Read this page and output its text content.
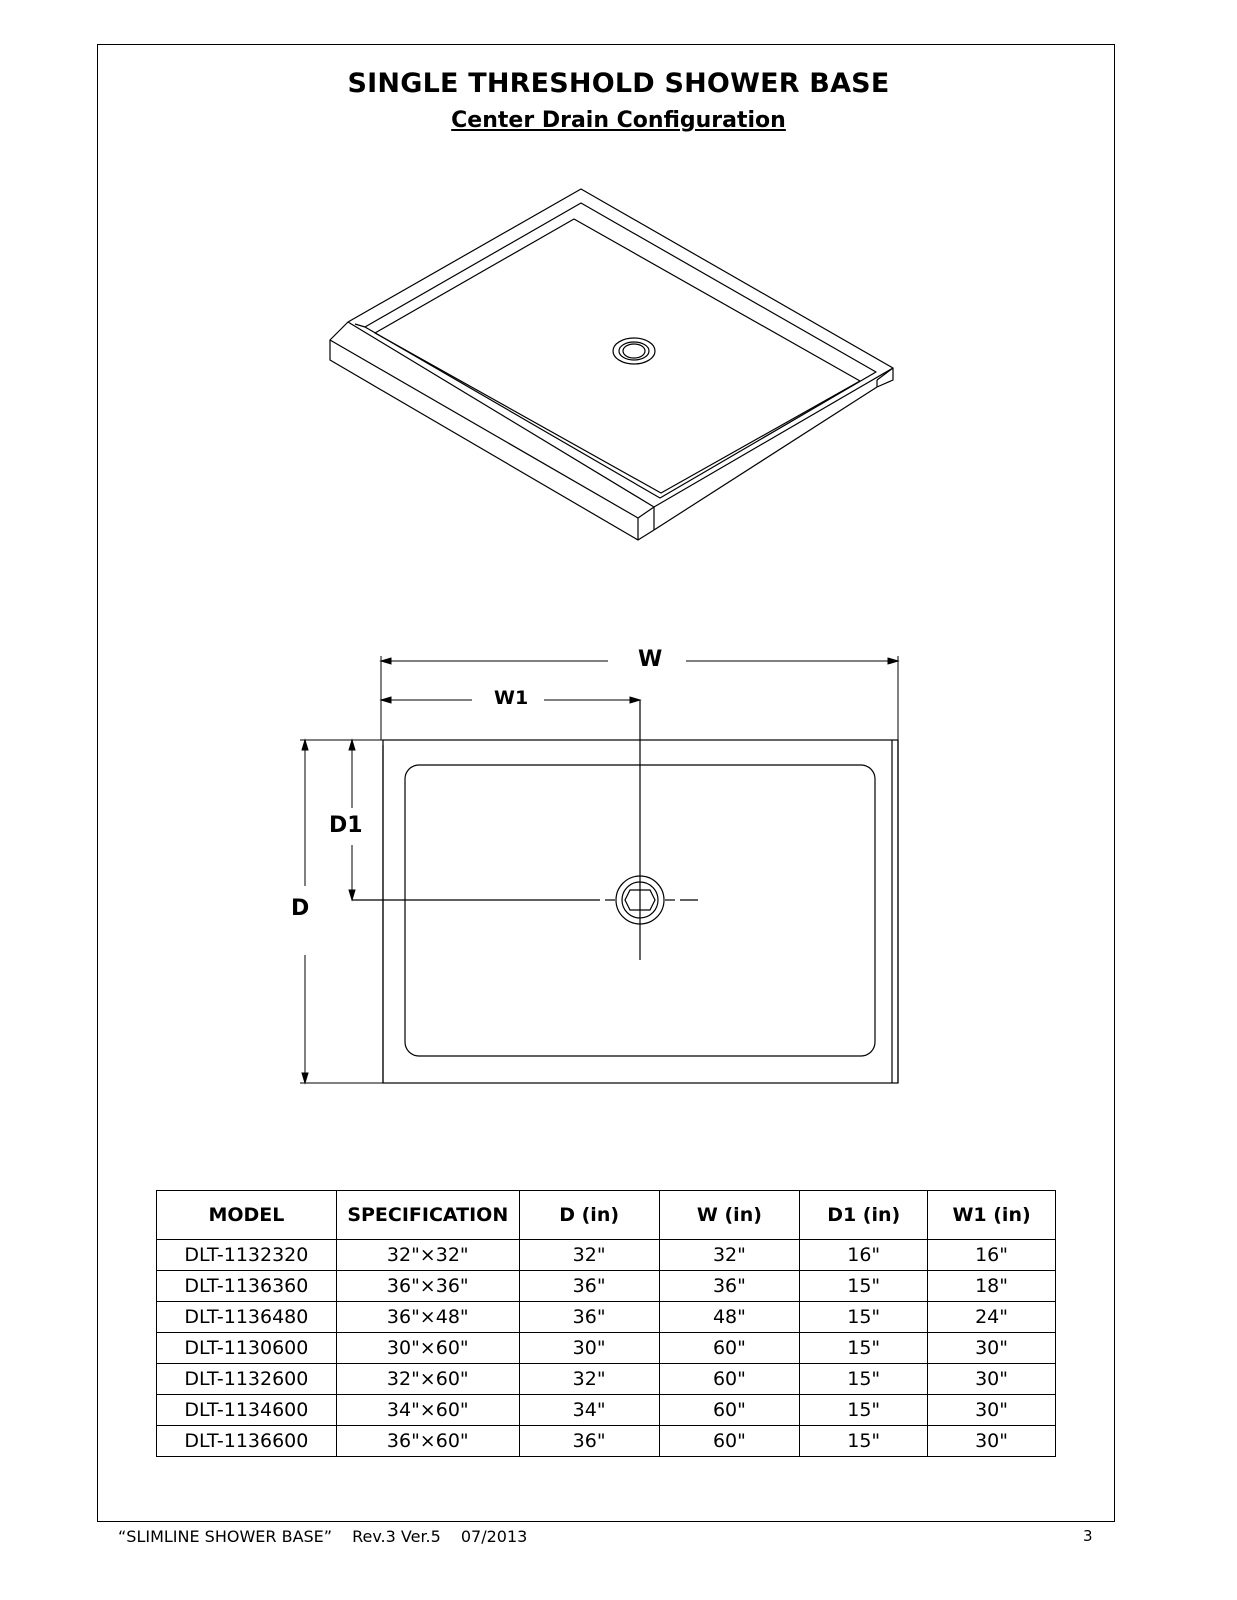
SINGLE THRESHOLD SHOWER BASE
Center Drain Configuration
W
W1
D1
D
MODEL	SPECIFICATION	D (in)	W (in)	D1 (in)	W1 (in)
DLT-1132320	32"×32"	32"	32"	16"	16"
DLT-1136360	36"×36"	36"	36"	15"	18"
DLT-1136480	36"×48"	36"	48"	15"	24"
DLT-1130600	30"×60"	30"	60"	15"	30"
DLT-1132600	32"×60"	32"	60"	15"	30"
DLT-1134600	34"×60"	34"	60"	15"	30"
DLT-1136600	36"×60"	36"	60"	15"	30"
“SLIMLINE SHOWER BASE” Rev.3 Ver.5 07/2013	3
